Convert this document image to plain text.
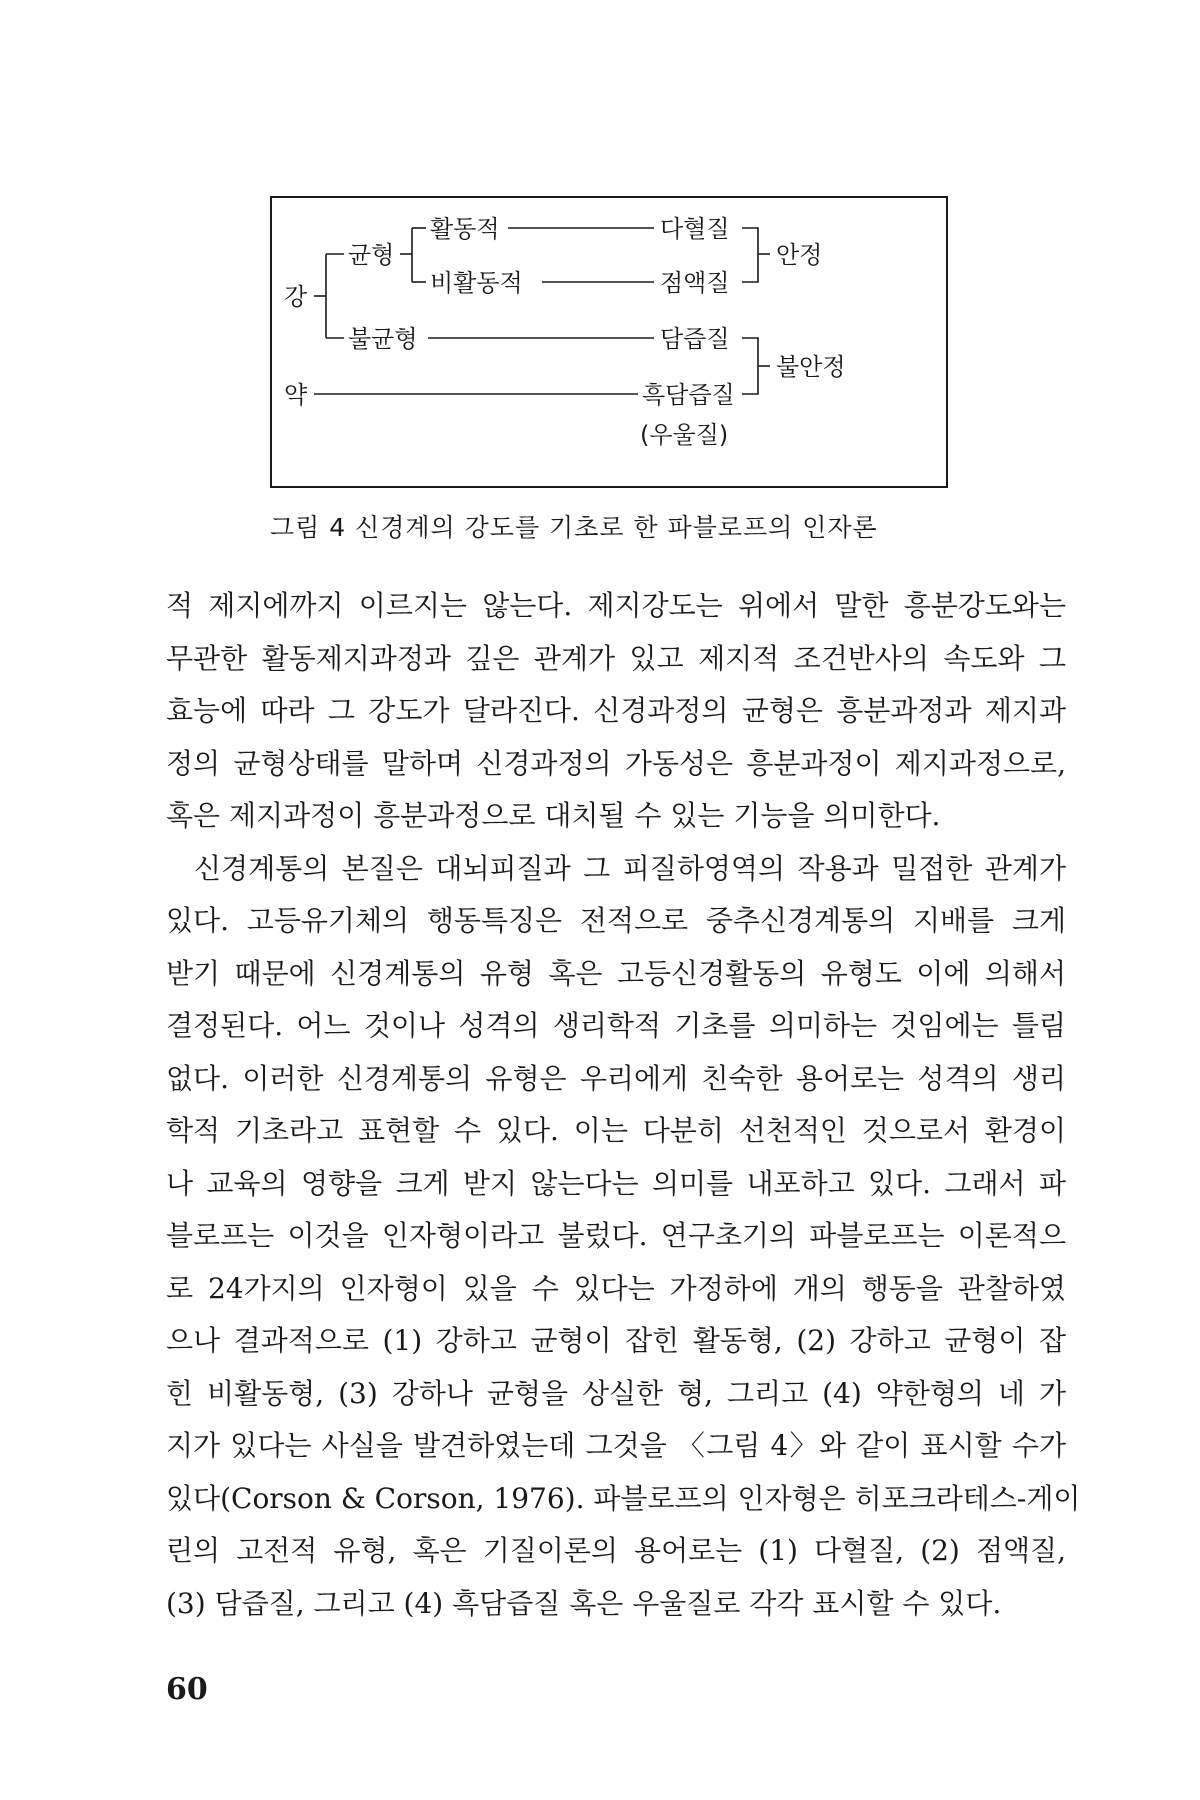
강
약
균형
불균형
활동적
비활동적
다혈질
점액질
담즙질
흑담즙질
(우울질)
안정
불안정
그림 4 신경계의 강도를 기초로 한 파블로프의 인자론
적 제지에까지 이르지는 않는다. 제지강도는 위에서 말한 흥분강도와는
무관한 활동제지과정과 깊은 관계가 있고 제지적 조건반사의 속도와 그
효능에 따라 그 강도가 달라진다. 신경과정의 균형은 흥분과정과 제지과
정의 균형상태를 말하며 신경과정의 가동성은 흥분과정이 제지과정으로,
혹은 제지과정이 흥분과정으로 대치될 수 있는 기능을 의미한다.
신경계통의 본질은 대뇌피질과 그 피질하영역의 작용과 밀접한 관계가
있다. 고등유기체의 행동특징은 전적으로 중추신경계통의 지배를 크게
받기 때문에 신경계통의 유형 혹은 고등신경활동의 유형도 이에 의해서
결정된다. 어느 것이나 성격의 생리학적 기초를 의미하는 것임에는 틀림
없다. 이러한 신경계통의 유형은 우리에게 친숙한 용어로는 성격의 생리
학적 기초라고 표현할 수 있다. 이는 다분히 선천적인 것으로서 환경이
나 교육의 영향을 크게 받지 않는다는 의미를 내포하고 있다. 그래서 파
블로프는 이것을 인자형이라고 불렀다. 연구초기의 파블로프는 이론적으
로 24가지의 인자형이 있을 수 있다는 가정하에 개의 행동을 관찰하였
으나 결과적으로 (1) 강하고 균형이 잡힌 활동형, (2) 강하고 균형이 잡
힌 비활동형, (3) 강하나 균형을 상실한 형, 그리고 (4) 약한형의 네 가
지가 있다는 사실을 발견하였는데 그것을 〈그림 4〉와 같이 표시할 수가
있다(Corson & Corson, 1976). 파블로프의 인자형은 히포크라테스-게이
린의 고전적 유형, 혹은 기질이론의 용어로는 (1) 다혈질, (2) 점액질,
(3) 담즙질, 그리고 (4) 흑담즙질 혹은 우울질로 각각 표시할 수 있다.
60
